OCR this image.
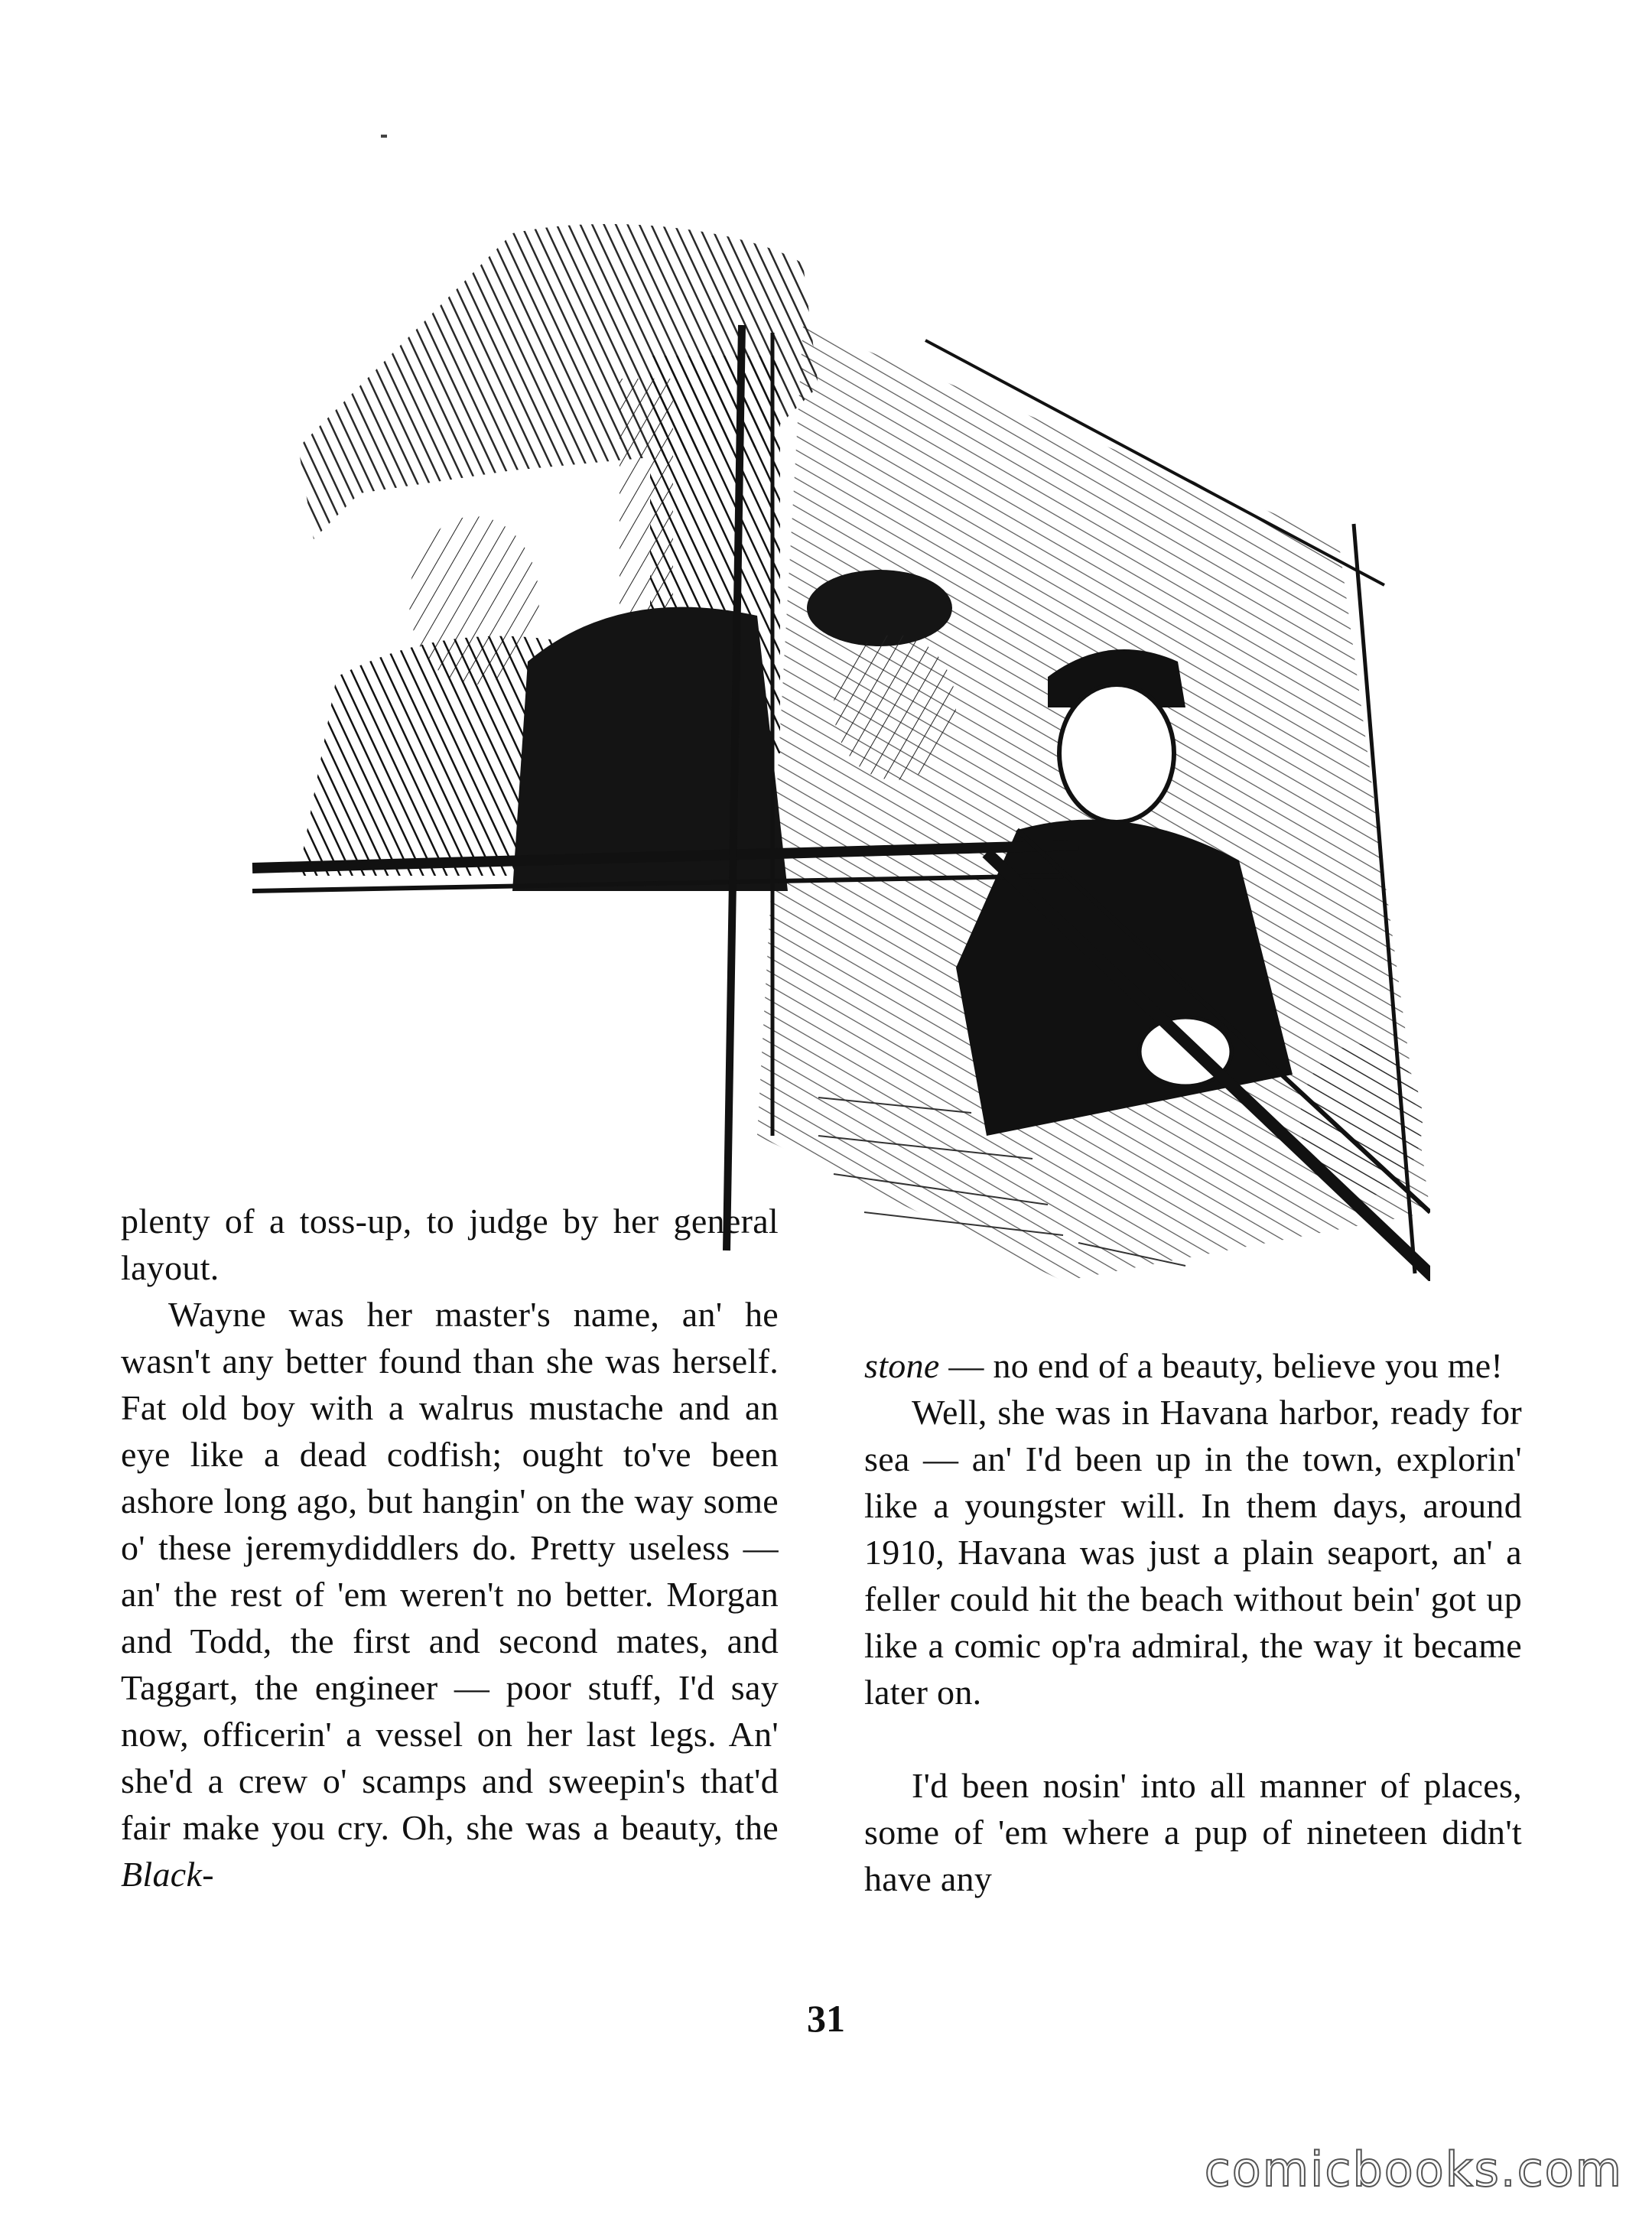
plenty of a toss-up, to judge by her general layout.

Wayne was her master's name, an' he wasn't any better found than she was herself. Fat old boy with a walrus mustache and an eye like a dead codfish; ought to've been ashore long ago, but hangin' on the way some o' these jeremydiddlers do. Pretty useless — an' the rest of 'em weren't no better. Morgan and Todd, the first and second mates, and Taggart, the engineer — poor stuff, I'd say now, officerin' a vessel on her last legs. An' she'd a crew o' scamps and sweepin's that'd fair make you cry. Oh, she was a beauty, the Black-

stone — no end of a beauty, believe you me!

Well, she was in Havana harbor, ready for sea — an' I'd been up in the town, explorin' like a youngster will. In them days, around 1910, Havana was just a plain seaport, an' a feller could hit the beach without bein' got up like a comic op'ra admiral, the way it became later on.

I'd been nosin' into all manner of places, some of 'em where a pup of nineteen didn't have any

31
comicbooks.com
